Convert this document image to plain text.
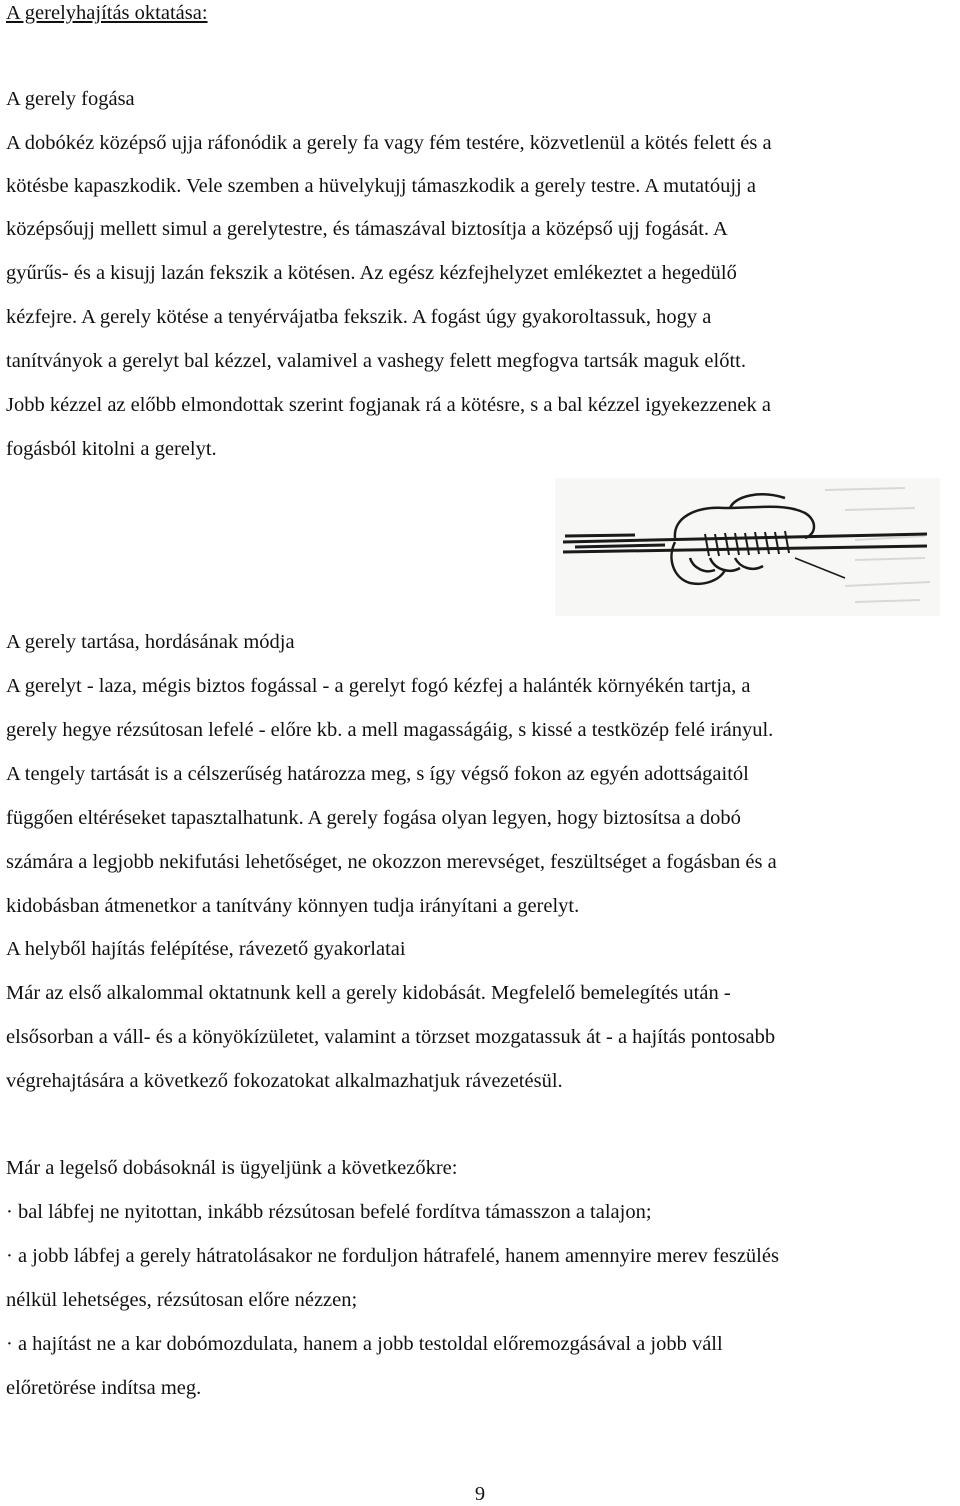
A gerelyhajítás oktatása:
A gerely fogása
A dobókéz középső ujja ráfonódik a gerely fa vagy fém testére, közvetlenül a kötés felett és a
kötésbe kapaszkodik. Vele szemben a hüvelykujj támaszkodik a gerely testre. A mutatóujj a
középsőujj mellett simul a gerelytestre, és támaszával biztosítja a középső ujj fogását. A
gyűrűs- és a kisujj lazán fekszik a kötésen. Az egész kézfejhelyzet emlékeztet a hegedülő
kézfejre. A gerely kötése a tenyérvájatba fekszik. A fogást úgy gyakoroltassuk, hogy a
tanítványok a gerelyt bal kézzel, valamivel a vashegy felett megfogva tartsák maguk előtt.
Jobb kézzel az előbb elmondottak szerint fogjanak rá a kötésre, s a bal kézzel igyekezzenek a
fogásból kitolni a gerelyt.
A gerely tartása, hordásának módja
A gerelyt - laza, mégis biztos fogással - a gerelyt fogó kézfej a halánték környékén tartja, a
gerely hegye rézsútosan lefelé - előre kb. a mell magasságáig, s kissé a testközép felé irányul.
A tengely tartását is a célszerűség határozza meg, s így végső fokon az egyén adottságaitól
függően eltéréseket tapasztalhatunk. A gerely fogása olyan legyen, hogy biztosítsa a dobó
számára a legjobb nekifutási lehetőséget, ne okozzon merevséget, feszültséget a fogásban és a
kidobásban átmenetkor a tanítvány könnyen tudja irányítani a gerelyt.
A helyből hajítás felépítése, rávezető gyakorlatai
Már az első alkalommal oktatnunk kell a gerely kidobását. Megfelelő bemelegítés után -
elsősorban a váll- és a könyökízületet, valamint a törzset mozgatassuk át - a hajítás pontosabb
végrehajtására a következő fokozatokat alkalmazhatjuk rávezetésül.
Már a legelső dobásoknál is ügyeljünk a következőkre:
· bal lábfej ne nyitottan, inkább rézsútosan befelé fordítva támasszon a talajon;
· a jobb lábfej a gerely hátratolásakor ne forduljon hátrafelé, hanem amennyire merev feszülés
nélkül lehetséges, rézsútosan előre nézzen;
· a hajítást ne a kar dobómozdulata, hanem a jobb testoldal előremozgásával a jobb váll
előretörése indítsa meg.
9
